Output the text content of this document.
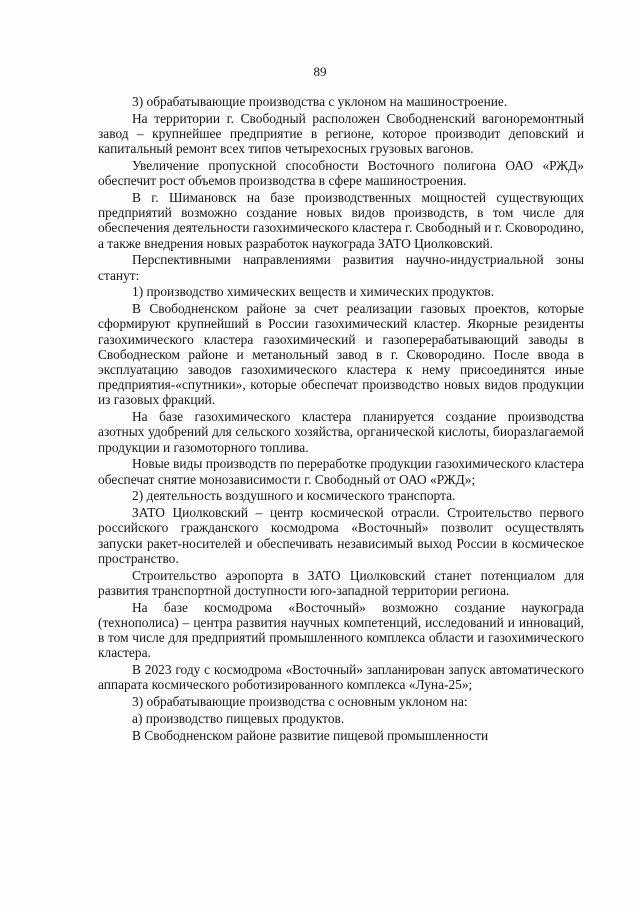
89

3) обрабатывающие производства с уклоном на машиностроение.

На территории г. Свободный расположен Свободненский вагоноремонтный завод – крупнейшее предприятие в регионе, которое производит деповский и капитальный ремонт всех типов четырехосных грузовых вагонов.

Увеличение пропускной способности Восточного полигона ОАО «РЖД» обеспечит рост объемов производства в сфере машиностроения.

В г. Шимановск на базе производственных мощностей существующих предприятий возможно создание новых видов производств, в том числе для обеспечения деятельности газохимического кластера г. Свободный и г. Сковородино, а также внедрения новых разработок наукограда ЗАТО Циолковский.

Перспективными направлениями развития научно-индустриальной зоны станут:

1) производство химических веществ и химических продуктов.

В Свободненском районе за счет реализации газовых проектов, которые сформируют крупнейший в России газохимический кластер. Якорные резиденты газохимического кластера газохимический и газоперерабатывающий заводы в Свободнеском районе и метанольный завод в г. Сковородино. После ввода в эксплуатацию заводов газохимического кластера к нему присоединятся иные предприятия-«спутники», которые обеспечат производство новых видов продукции из газовых фракций.

На базе газохимического кластера планируется создание производства азотных удобрений для сельского хозяйства, органической кислоты, биоразлагаемой продукции и газомоторного топлива.

Новые виды производств по переработке продукции газохимического кластера обеспечат снятие монозависимости г. Свободный от ОАО «РЖД»;

2) деятельность воздушного и космического транспорта.

ЗАТО Циолковский – центр космической отрасли. Строительство первого российского гражданского космодрома «Восточный» позволит осуществлять запуски ракет-носителей и обеспечивать независимый выход России в космическое пространство.

Строительство аэропорта в ЗАТО Циолковский станет потенциалом для развития транспортной доступности юго-западной территории региона.

На базе космодрома «Восточный» возможно создание наукограда (технополиса) – центра развития научных компетенций, исследований и инноваций, в том числе для предприятий промышленного комплекса области и газохимического кластера.

В 2023 году с космодрома «Восточный» запланирован запуск автоматического аппарата космического роботизированного комплекса «Луна-25»;

3) обрабатывающие производства с основным уклоном на:

а) производство пищевых продуктов.

В Свободненском районе развитие пищевой промышленности
